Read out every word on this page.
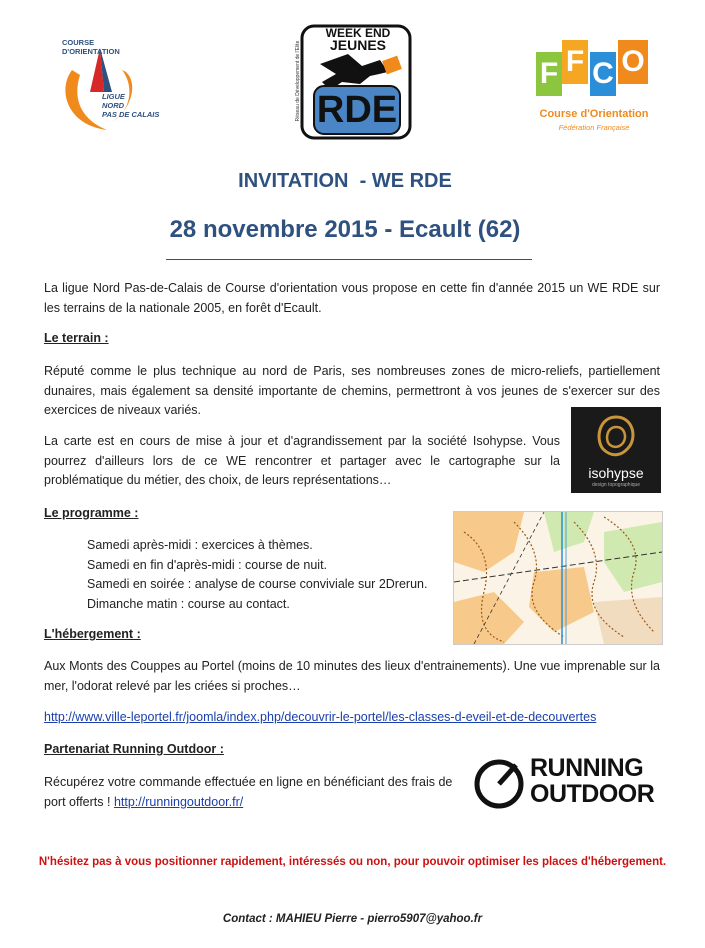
COURSE
D'ORIENTATION
LIGUE
NORD
PAS DE CALAIS
WEEK END
JEUNES
RDE
Réseau de Développement de l'Elite	F F C O
Course d'Orientation
Fédération Française
INVITATION  - WE RDE
28 novembre 2015 - Ecault (62)
La ligue Nord Pas-de-Calais de Course d'orientation vous propose en cette fin d'année 2015 un WE RDE sur les terrains de la nationale 2005, en forêt d'Ecault.
Le terrain :
Réputé comme le plus technique au nord de Paris, ses nombreuses zones de micro-reliefs, partiellement dunaires, mais également sa densité importante de chemins, permettront à vos jeunes de s'exercer sur des exercices de niveaux variés.
La carte est en cours de mise à jour et d'agrandissement par la société Isohypse. Vous pourrez d'ailleurs lors de ce WE rencontrer et partager avec le cartographe sur la problématique du métier, des choix, de leurs représentations…	isohypse
design topographique
Le programme :
Samedi après-midi : exercices à thèmes.
Samedi en fin d'après-midi : course de nuit.
Samedi en soirée : analyse de course conviviale sur 2Drerun.
Dimanche matin : course au contact.
L'hébergement :
Aux Monts des Couppes au Portel (moins de 10 minutes des lieux d'entrainements). Une vue imprenable sur la mer, l'odorat relevé par les criées si proches…
http://www.ville-leportel.fr/joomla/index.php/decouvrir-le-portel/les-classes-d-eveil-et-de-decouvertes
Partenariat Running Outdoor :
Récupérez votre commande effectuée en ligne en bénéficiant des frais de port offerts ! http://runningoutdoor.fr/
RUNNING
OUTDOOR
N'hésitez pas à vous positionner rapidement, intéressés ou non, pour pouvoir optimiser les places d'hébergement.
Contact : MAHIEU Pierre - pierro5907@yahoo.fr
